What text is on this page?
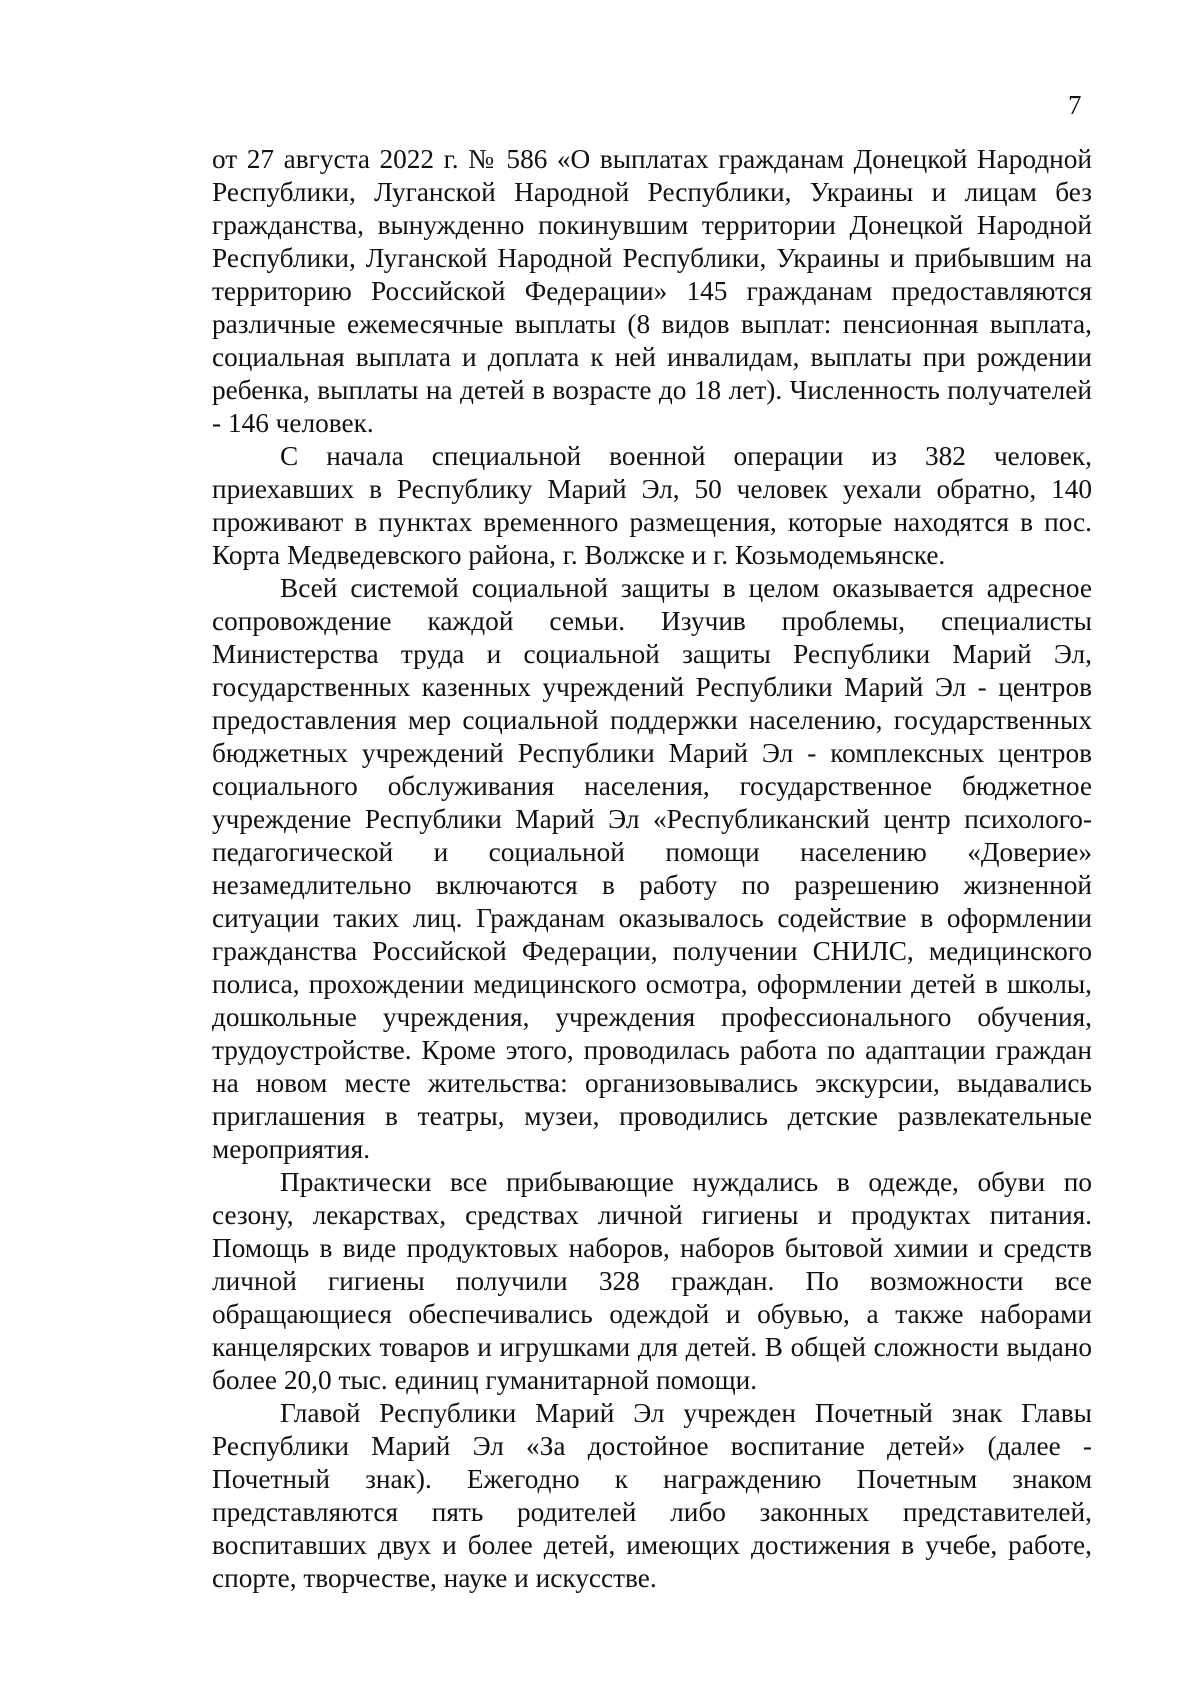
7

от 27 августа 2022 г. № 586 «О выплатах гражданам Донецкой Народной Республики, Луганской Народной Республики, Украины и лицам без гражданства, вынужденно покинувшим территории Донецкой Народной Республики, Луганской Народной Республики, Украины и прибывшим на территорию Российской Федерации» 145 гражданам предоставляются различные ежемесячные выплаты (8 видов выплат: пенсионная выплата, социальная выплата и доплата к ней инвалидам, выплаты при рождении ребенка, выплаты на детей в возрасте до 18 лет). Численность получателей - 146 человек.

С начала специальной военной операции из 382 человек, приехавших в Республику Марий Эл, 50 человек уехали обратно, 140 проживают в пунктах временного размещения, которые находятся в пос. Корта Медведевского района, г. Волжске и г. Козьмодемьянске.

Всей системой социальной защиты в целом оказывается адресное сопровождение каждой семьи. Изучив проблемы, специалисты Министерства труда и социальной защиты Республики Марий Эл, государственных казенных учреждений Республики Марий Эл - центров предоставления мер социальной поддержки населению, государственных бюджетных учреждений Республики Марий Эл - комплексных центров социального обслуживания населения, государственное бюджетное учреждение Республики Марий Эл «Республиканский центр психолого-педагогической и социальной помощи населению «Доверие» незамедлительно включаются в работу по разрешению жизненной ситуации таких лиц. Гражданам оказывалось содействие в оформлении гражданства Российской Федерации, получении СНИЛС, медицинского полиса, прохождении медицинского осмотра, оформлении детей в школы, дошкольные учреждения, учреждения профессионального обучения, трудоустройстве. Кроме этого, проводилась работа по адаптации граждан на новом месте жительства: организовывались экскурсии, выдавались приглашения в театры, музеи, проводились детские развлекательные мероприятия.

Практически все прибывающие нуждались в одежде, обуви по сезону, лекарствах, средствах личной гигиены и продуктах питания. Помощь в виде продуктовых наборов, наборов бытовой химии и средств личной гигиены получили 328 граждан. По возможности все обращающиеся обеспечивались одеждой и обувью, а также наборами канцелярских товаров и игрушками для детей. В общей сложности выдано более 20,0 тыс. единиц гуманитарной помощи.

Главой Республики Марий Эл учрежден Почетный знак Главы Республики Марий Эл «За достойное воспитание детей» (далее - Почетный знак). Ежегодно к награждению Почетным знаком представляются пять родителей либо законных представителей, воспитавших двух и более детей, имеющих достижения в учебе, работе, спорте, творчестве, науке и искусстве.
